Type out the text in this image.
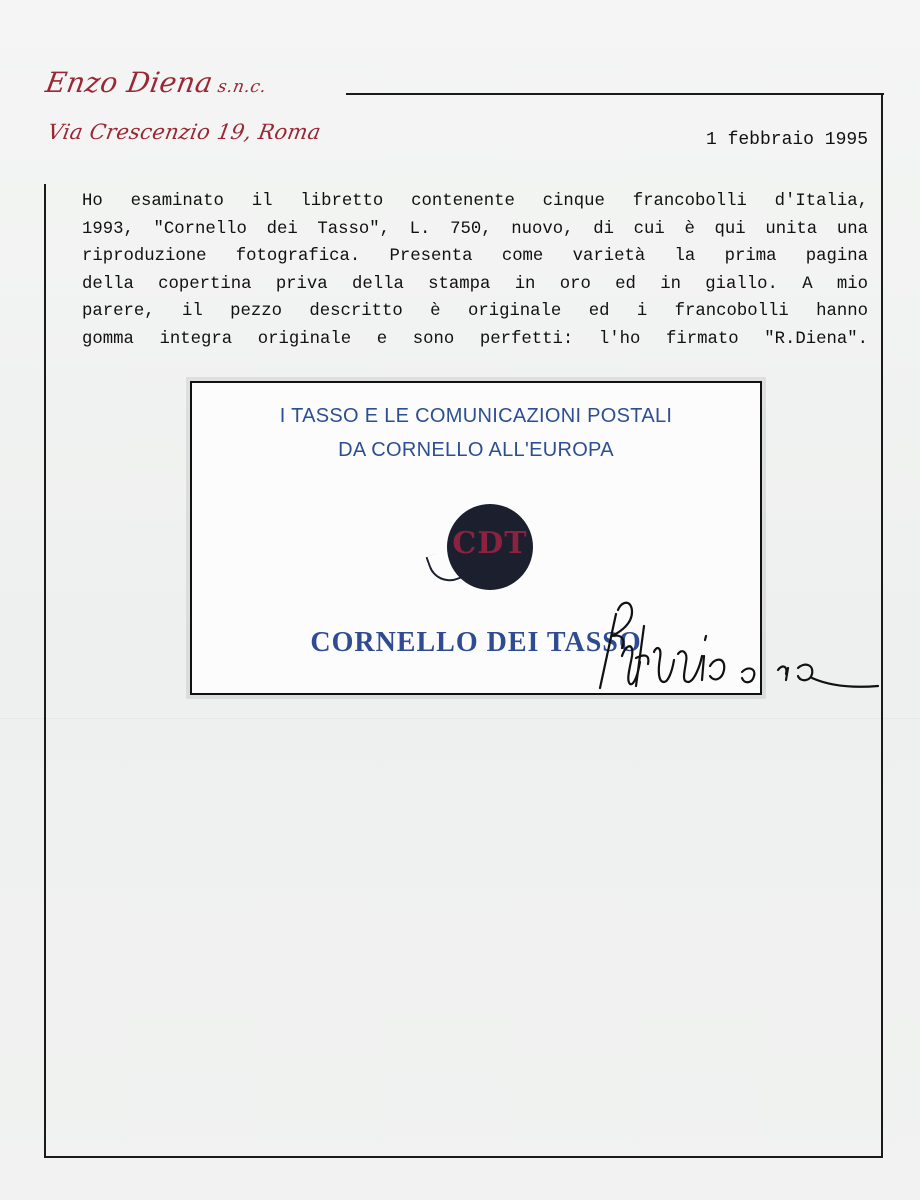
Enzo Dienas.n.c.
Via Crescenzio 19, Roma	1 febbraio 1995

Ho esaminato il libretto contenente cinque francobolli d'Italia,

1993, "Cornello dei Tasso", L. 750, nuovo, di cui è qui unita una

riproduzione fotografica. Presenta come varietà la prima pagina

della copertina priva della stampa in oro ed in giallo. A mio

parere, il pezzo descritto è originale ed i francobolli hanno

gomma integra originale e sono perfetti: l'ho firmato "R.Diena".

I TASSO E LE COMUNICAZIONI POSTALI
DA CORNELLO ALL'EUROPA
CDT
CORNELLO DEI TASSO
